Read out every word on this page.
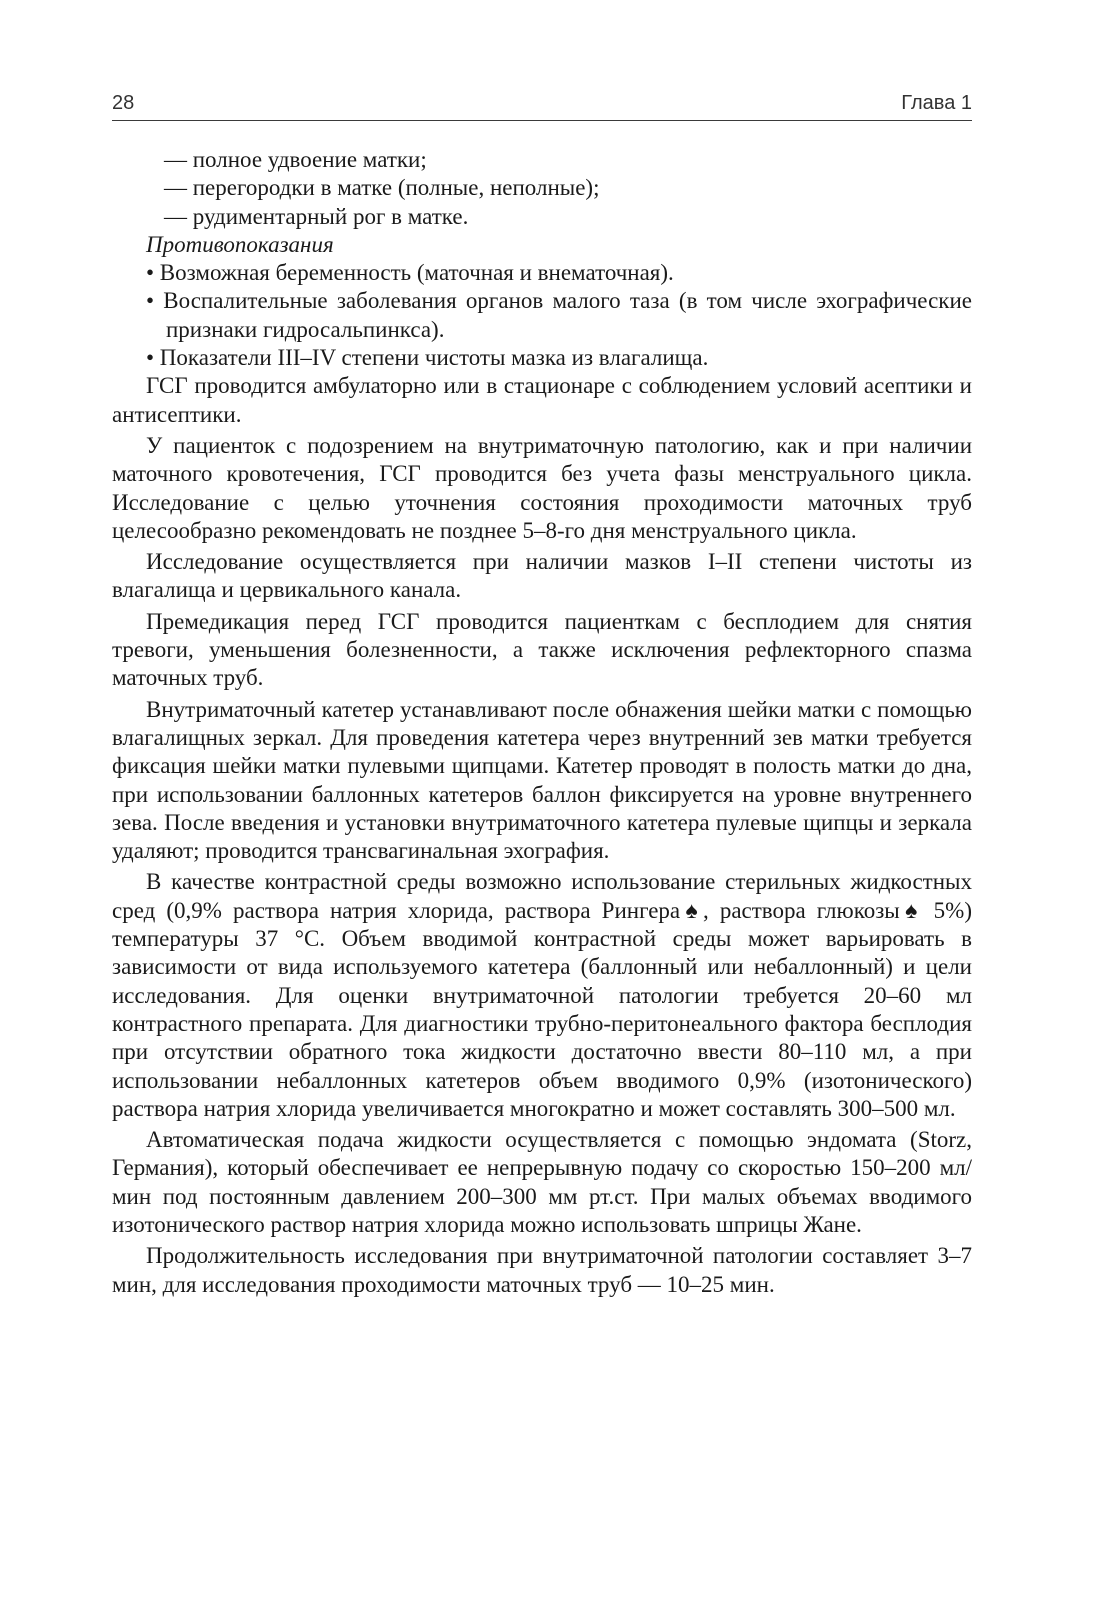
28	Глава 1

— полное удвоение матки;

— перегородки в матке (полные, неполные);

— рудиментарный рог в матке.

Противопоказания

• Возможная беременность (маточная и внематочная).

• Воспалительные заболевания органов малого таза (в том числе эхографические признаки гидросальпинкса).

• Показатели III–IV степени чистоты мазка из влагалища.

ГСГ проводится амбулаторно или в стационаре с соблюдением условий асептики и антисептики.

У пациенток с подозрением на внутриматочную патологию, как и при наличии маточного кровотечения, ГСГ проводится без учета фазы менструального цикла. Исследование с целью уточнения состояния проходимости маточных труб целесообразно рекомендовать не позднее 5–8-го дня менструального цикла.

Исследование осуществляется при наличии мазков I–II степени чистоты из влагалища и цервикального канала.

Премедикация перед ГСГ проводится пациенткам с бесплодием для снятия тревоги, уменьшения болезненности, а также исключения рефлекторного спазма маточных труб.

Внутриматочный катетер устанавливают после обнажения шейки матки с помощью влагалищных зеркал. Для проведения катетера через внутренний зев матки требуется фиксация шейки матки пулевыми щипцами. Катетер проводят в полость матки до дна, при использовании баллонных катетеров баллон фиксируется на уровне внутреннего зева. После введения и установки внутриматочного катетера пулевые щипцы и зеркала удаляют; проводится трансвагинальная эхография.

В качестве контрастной среды возможно использование стерильных жидкостных сред (0,9% раствора натрия хлорида, раствора Рингера♠, раствора глюкозы♠ 5%) температуры 37 °С. Объем вводимой контрастной среды может варьировать в зависимости от вида используемого катетера (баллонный или небаллонный) и цели исследования. Для оценки внутриматочной патологии требуется 20–60 мл контрастного препарата. Для диагностики трубно-перитонеального фактора бесплодия при отсутствии обратного тока жидкости достаточно ввести 80–110 мл, а при использовании небаллонных катетеров объем вводимого 0,9% (изотонического) раствора натрия хлорида увеличивается многократно и может составлять 300–500 мл.

Автоматическая подача жидкости осуществляется с помощью эндомата (Storz, Германия), который обеспечивает ее непрерывную подачу со скоростью 150–200 мл/мин под постоянным давлением 200–300 мм рт.ст. При малых объемах вводимого изотонического раствор натрия хлорида можно использовать шприцы Жане.

Продолжительность исследования при внутриматочной патологии составляет 3–7 мин, для исследования проходимости маточных труб — 10–25 мин.
